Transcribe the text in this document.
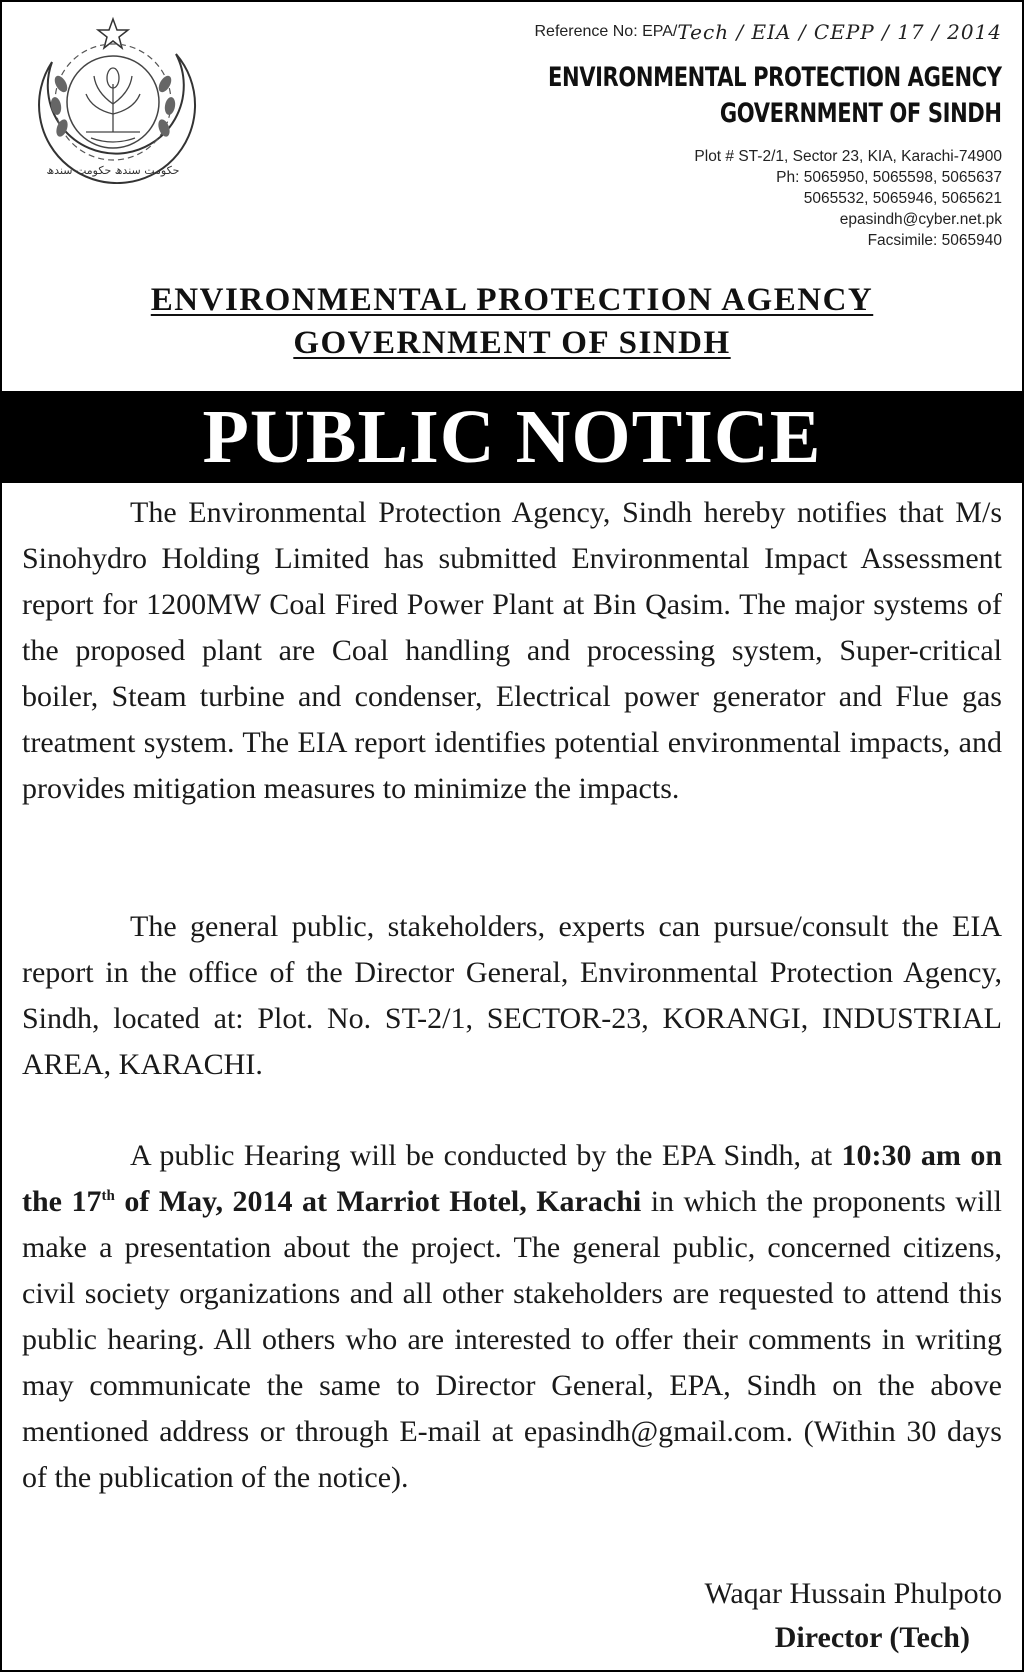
حکومتِ سندھ حکومت سندھ
Reference No: EPA/Tech / EIA / CEPP / 17 / 2014
ENVIRONMENTAL PROTECTION AGENCY
GOVERNMENT OF SINDH
Plot # ST-2/1, Sector 23, KIA, Karachi-74900
Ph: 5065950, 5065598, 5065637
5065532, 5065946, 5065621
epasindh@cyber.net.pk
Facsimile: 5065940
ENVIRONMENTAL PROTECTION AGENCY
GOVERNMENT OF SINDH
PUBLIC NOTICE

The Environmental Protection Agency, Sindh hereby notifies that M/s Sinohydro Holding Limited has submitted Environmental Impact Assessment report for 1200MW Coal Fired Power Plant at Bin Qasim. The major systems of the proposed plant are Coal handling and processing system, Super-critical boiler, Steam turbine and condenser, Electrical power generator and Flue gas treatment system. The EIA report identifies potential environmental impacts, and provides mitigation measures to minimize the impacts.

The general public, stakeholders, experts can pursue/consult the EIA report in the office of the Director General, Environmental Protection Agency, Sindh, located at: Plot. No. ST-2/1, SECTOR-23, KORANGI, INDUSTRIAL AREA, KARACHI.

A public Hearing will be conducted by the EPA Sindh, at 10:30 am on the 17th of May, 2014 at Marriot Hotel, Karachi in which the proponents will make a presentation about the project. The general public, concerned citizens, civil society organizations and all other stakeholders are requested to attend this public hearing. All others who are interested to offer their comments in writing may communicate the same to Director General, EPA, Sindh on the above mentioned address or through E-mail at epasindh@gmail.com. (Within 30 days of the publication of the notice).

Waqar Hussain Phulpoto
Director (Tech)
